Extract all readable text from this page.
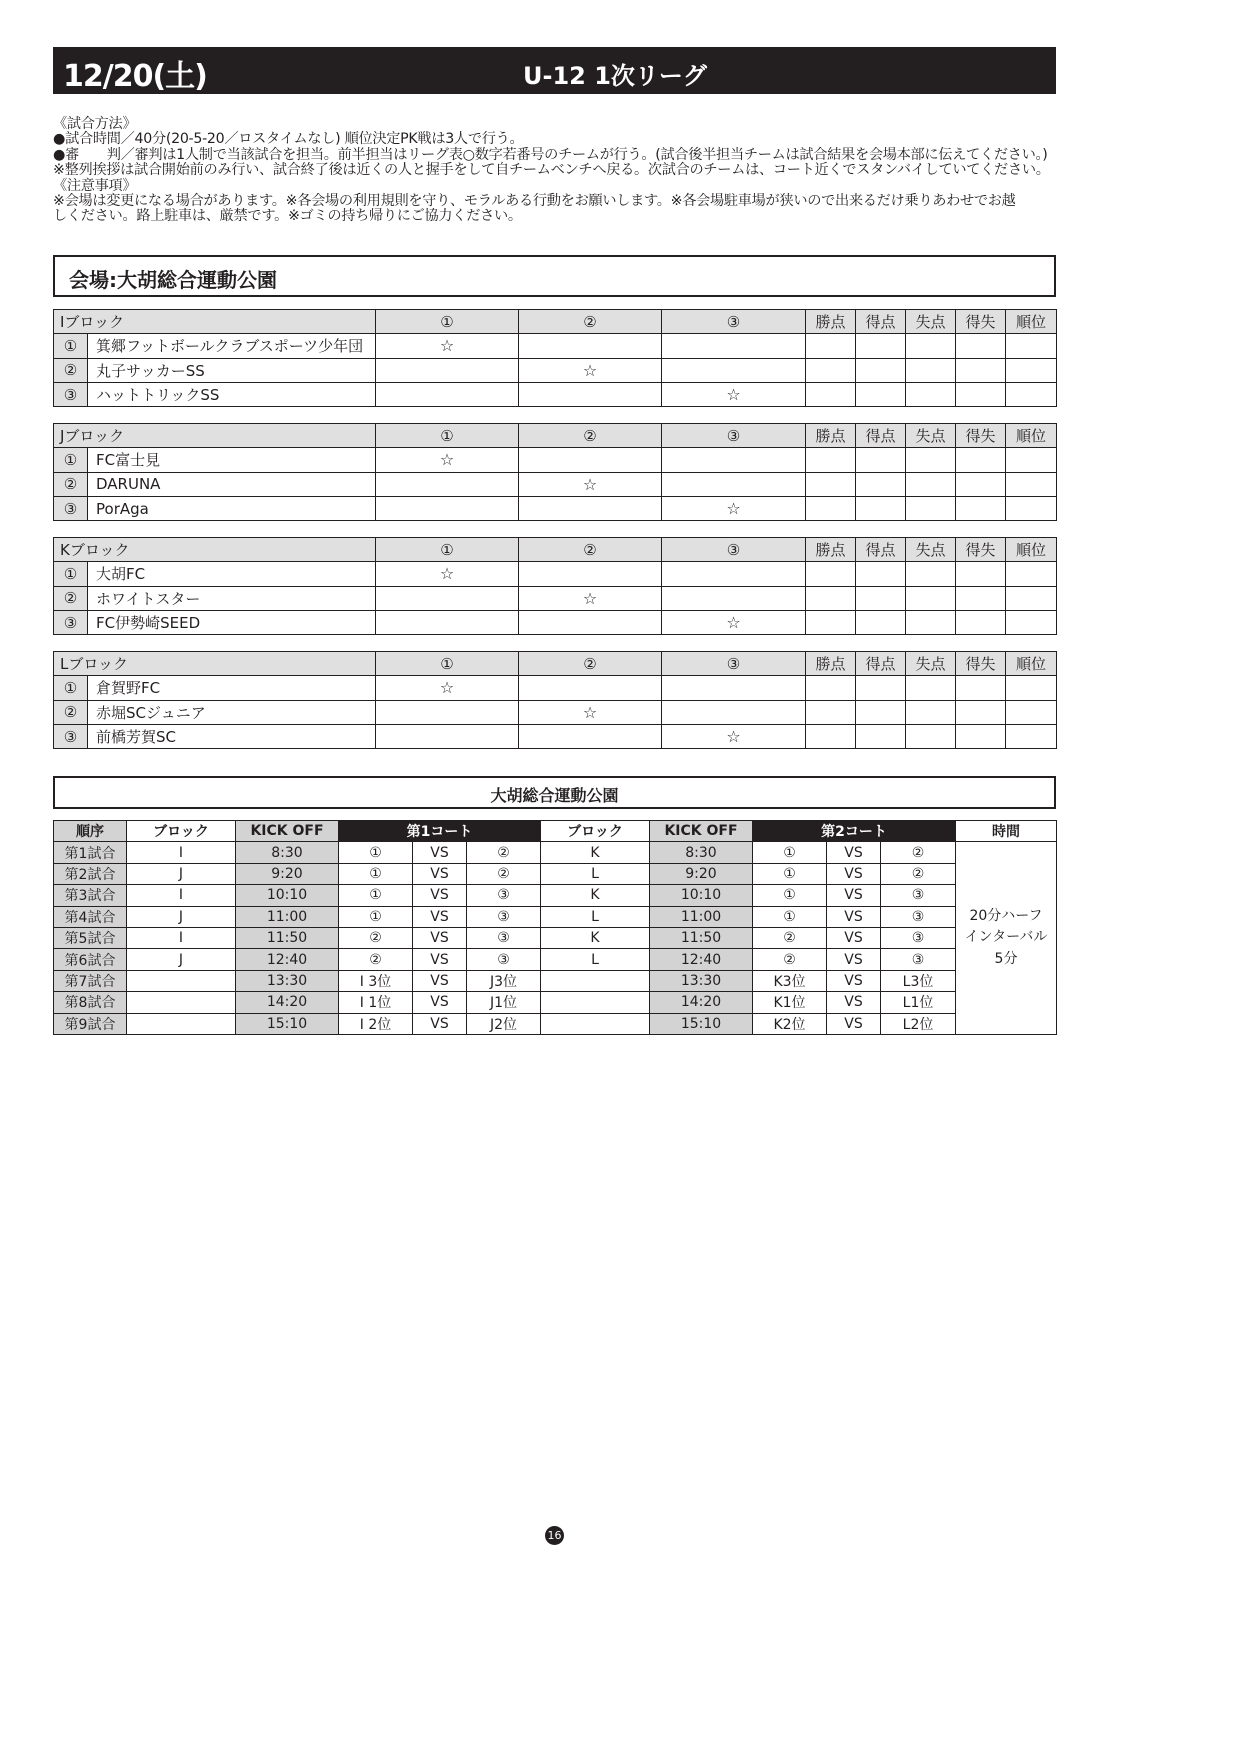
12/20(土)	U-12 1次リーグ
《試合方法》
●試合時間／40分(20-5-20／ロスタイムなし) 順位決定PK戦は3人で行う。
●審　　判／審判は1人制で当該試合を担当。前半担当はリーグ表○数字若番号のチームが行う。(試合後半担当チームは試合結果を会場本部に伝えてください。)
※整列挨拶は試合開始前のみ行い、試合終了後は近くの人と握手をして自チームベンチへ戻る。次試合のチームは、コート近くでスタンバイしていてください。
《注意事項》
※会場は変更になる場合があります。※各会場の利用規則を守り、モラルある行動をお願いします。※各会場駐車場が狭いので出来るだけ乗りあわせでお越
しください。路上駐車は、厳禁です。※ゴミの持ち帰りにご協力ください。
会場:大胡総合運動公園
Iブロック		①	②	③	勝点	得点	失点	得失	順位
①	箕郷フットボールクラブスポーツ少年団	☆							
②	丸子サッカーSS		☆						
③	ハットトリックSS			☆					
Jブロック		①	②	③	勝点	得点	失点	得失	順位
①	FC富士見	☆							
②	DARUNA		☆						
③	PorAga			☆					
Kブロック		①	②	③	勝点	得点	失点	得失	順位
①	大胡FC	☆							
②	ホワイトスター		☆						
③	FC伊勢崎SEED			☆					
Lブロック		①	②	③	勝点	得点	失点	得失	順位
①	倉賀野FC	☆							
②	赤堀SCジュニア		☆						
③	前橋芳賀SC			☆					
大胡総合運動公園
順序	ブロック	KICK OFF	第1コート			ブロック	KICK OFF	第2コート			時間
第1試合	I	8:30	①	VS	②	K	8:30	①	VS	②	20分ハーフ
インターバル
5分

第2試合	J	9:20	①	VS	②	L	9:20	①	VS	②	
第3試合	I	10:10	①	VS	③	K	10:10	①	VS	③	
第4試合	J	11:00	①	VS	③	L	11:00	①	VS	③	
第5試合	I	11:50	②	VS	③	K	11:50	②	VS	③	
第6試合	J	12:40	②	VS	③	L	12:40	②	VS	③	
第7試合		13:30	I 3位	VS	J3位		13:30	K3位	VS	L3位	
第8試合		14:20	I 1位	VS	J1位		14:20	K1位	VS	L1位	
第9試合		15:10	I 2位	VS	J2位		15:10	K2位	VS	L2位	
16
